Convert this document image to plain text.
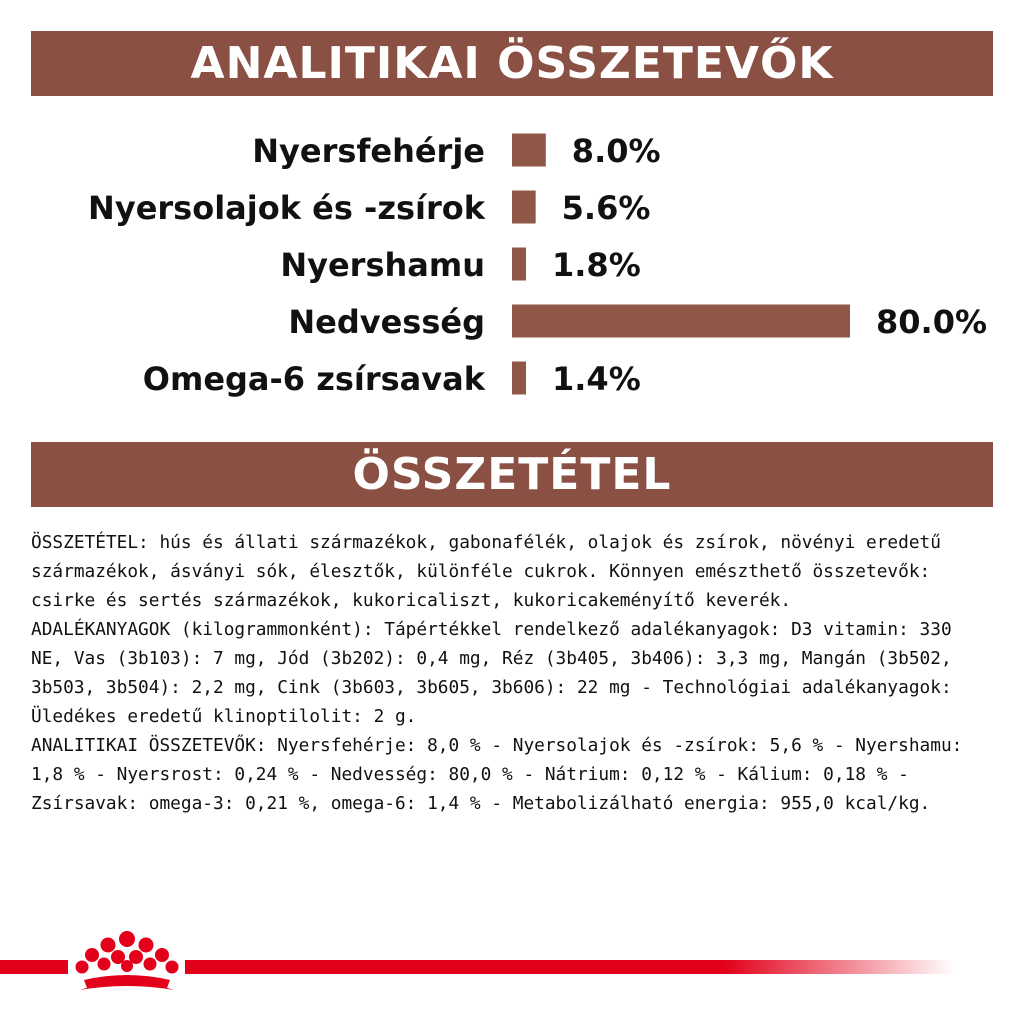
ANALITIKAI ÖSSZETEVŐK
Nyersfehérje	8.0%
Nyersolajok és -zsírok 5.6%
Nyershamu 1.8%
Nedvesség	80.0%
Omega-6 zsírsavak 1.4%
ÖSSZETÉTEL

ÖSSZETÉTEL: hús és állati származékok, gabonafélék, olajok és zsírok, növényi eredetű származékok, ásványi sók, élesztők, különféle cukrok. Könnyen emészthető összetevők: csirke és sertés származékok, kukoricaliszt, kukoricakeményítő keverék.

ADALÉKANYAGOK (kilogrammonként): Tápértékkel rendelkező adalékanyagok: D3 vitamin: 330 NE, Vas (3b103): 7 mg, Jód (3b202): 0,4 mg, Réz (3b405, 3b406): 3,3 mg, Mangán (3b502, 3b503, 3b504): 2,2 mg, Cink (3b603, 3b605, 3b606): 22 mg - Technológiai adalékanyagok: Üledékes eredetű klinoptilolit: 2 g.

ANALITIKAI ÖSSZETEVŐK: Nyersfehérje: 8,0 % - Nyersolajok és -zsírok: 5,6 % - Nyershamu: 1,8 % - Nyersrost: 0,24 % - Nedvesség: 80,0 % - Nátrium: 0,12 % - Kálium: 0,18 % - Zsírsavak: omega-3: 0,21 %, omega-6: 1,4 % - Metabolizálható energia: 955,0 kcal/kg.
